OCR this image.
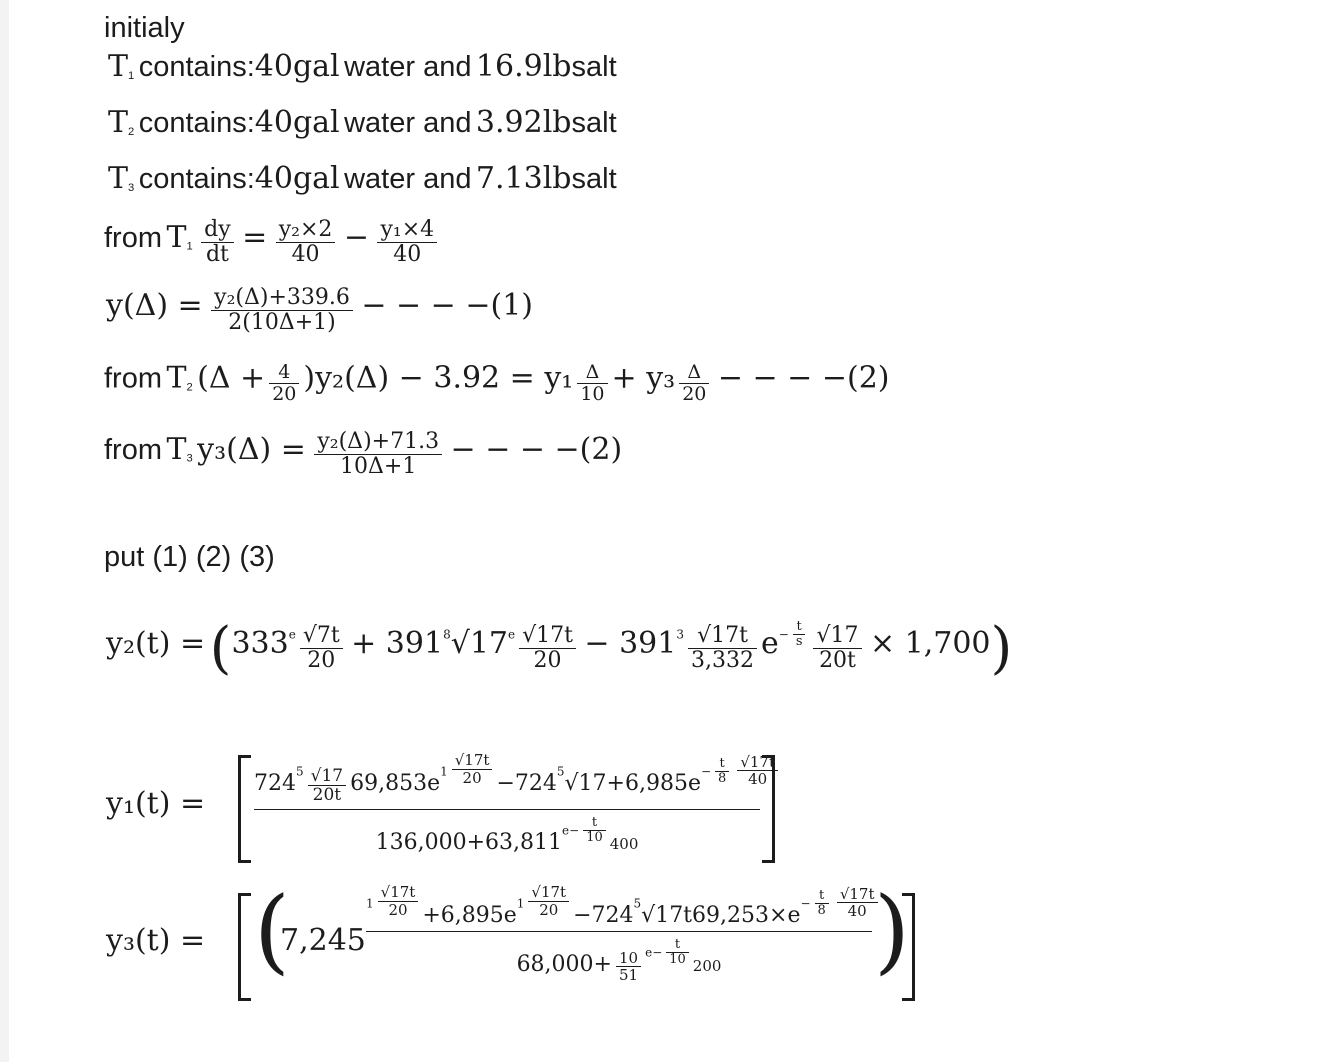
initialy
$T_1$ contains:40gal water and 16.9lbsalt
$T_2$ contains:40gal water and 3.92lbsalt
$T_3$ contains:40gal water and 7.13lbsalt
from $T_1 \frac{dy}{dt} = \frac{\text{y₂×2}}{40} - \frac{\text{y₁×4}}{40}$
$y(\Delta) = \frac{\text{y₂(Δ)+339.6}}{2(10\Delta+1)}$ − − − −(1)
from $T_2$ $(\Delta + \frac{4}{20} )y_2(\Delta) - 3.92 = y_1 \frac{\Delta}{10} + y_3 \frac{\Delta}{20}$ − − − −(2)
from $T_3$ $y_3(\Delta) = \frac{\text{y₂(Δ)+71.3}}{10\Delta+1}$ − − − −(2)
put (1) (2) (3)
$y_2(t) = (333^e \frac{√7t}{20} + 391^8√17^e \frac{√17t}{20} - 391^3 \frac{√17t}{3,332} e^- \frac{t}{s} \frac{√17}{20t} \times 1,700)$
$y_1(t) = \frac{724^5 \frac{√17}{20t} 69,853e^1 \frac{√17t}{20} -724^5√17+6,985e^- \frac{t}{8} \frac{√17t}{40}}{136,000+63,811^{e-} \frac{t}{10} 400}$
y₃(t) = (
$7,245 \frac{^1 \frac{√17t}{20} +6,895e^1 \frac{√17t}{20} -724^5√17t69,253\times e^- \frac{t}{8} \frac{√17t}{40}}{68,000+ \frac{10}{51} ^{e-} \frac{t}{10} 200}$ )
